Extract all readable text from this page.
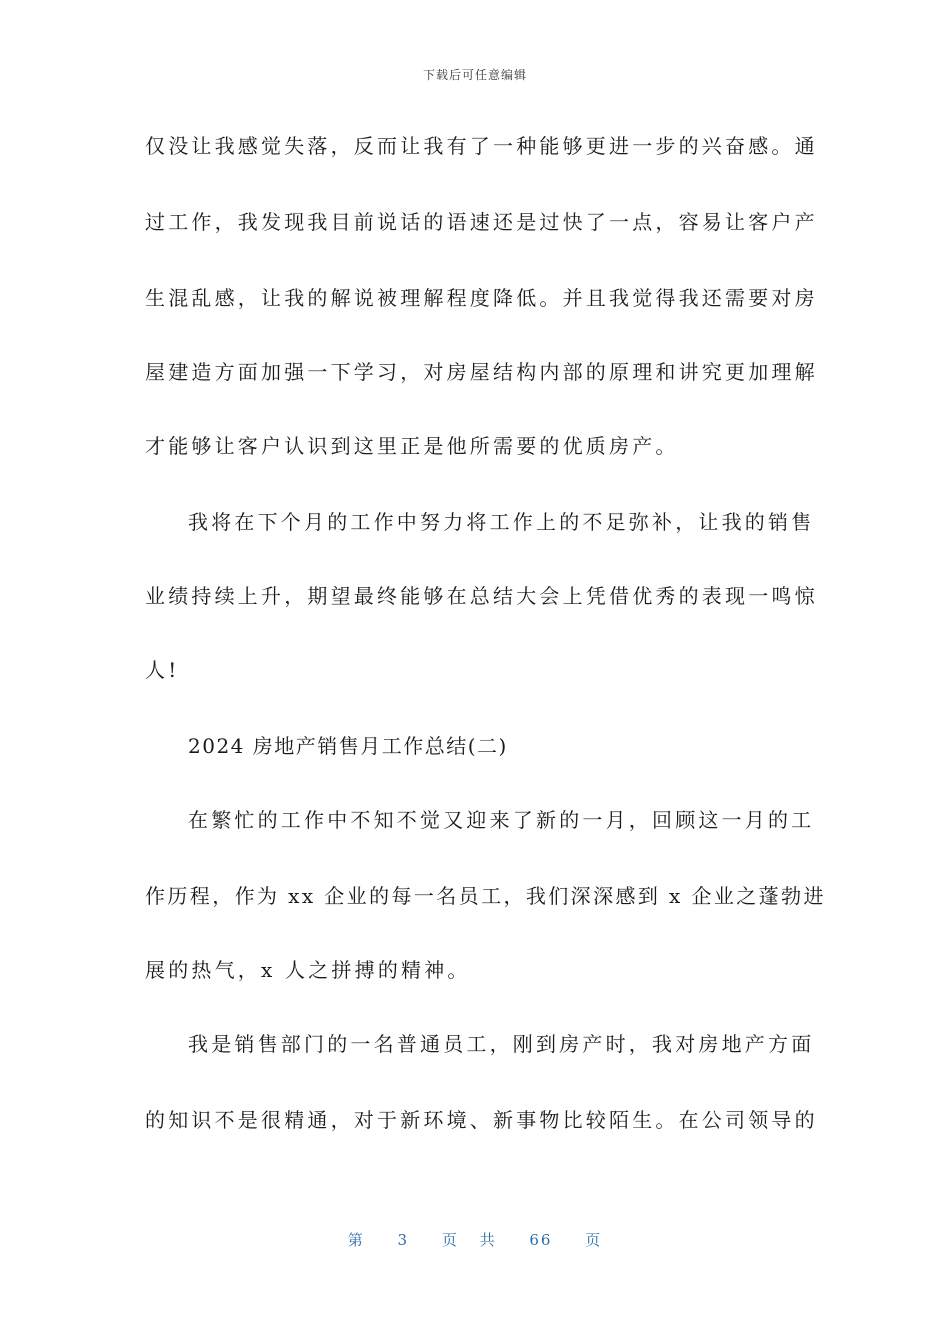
下载后可任意编辑
仅没让我感觉失落，反而让我有了一种能够更进一步的兴奋感。通
过工作，我发现我目前说话的语速还是过快了一点，容易让客户产
生混乱感，让我的解说被理解程度降低。并且我觉得我还需要对房
屋建造方面加强一下学习，对房屋结构内部的原理和讲究更加理解
才能够让客户认识到这里正是他所需要的优质房产。
我将在下个月的工作中努力将工作上的不足弥补，让我的销售
业绩持续上升，期望最终能够在总结大会上凭借优秀的表现一鸣惊
人!
2024 房地产销售月工作总结(二)
在繁忙的工作中不知不觉又迎来了新的一月，回顾这一月的工
作历程，作为 xx 企业的每一名员工，我们深深感到 x 企业之蓬勃进
展的热气，x 人之拼搏的精神。
我是销售部门的一名普通员工，刚到房产时，我对房地产方面
的知识不是很精通，对于新环境、新事物比较陌生。在公司领导的
第 3 页 共 66 页
